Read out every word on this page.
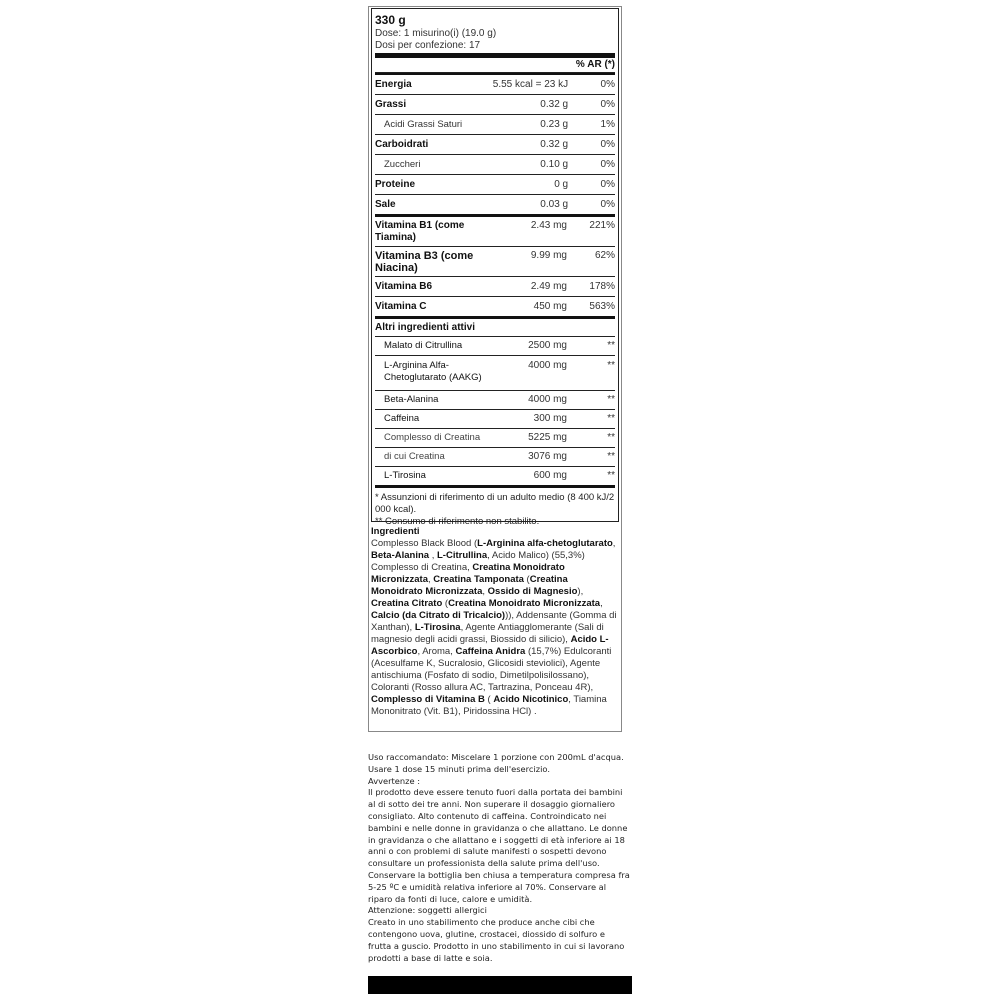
330 g
Dose: 1 misurino(i) (19.0 g)
Dosi per confezione: 17
		% AR (*)
Energia	5.55 kcal = 23 kJ	0%
Grassi	0.32 g	0%
Acidi Grassi Saturi	0.23 g	1%
Carboidrati	0.32 g	0%
Zuccheri	0.10 g	0%
Proteine	0 g	0%
Sale	0.03 g	0%
Vitamina B1 (come Tiamina)	2.43 mg	221%
Vitamina B3 (come Niacina)	9.99 mg	62%
Vitamina B6	2.49 mg	178%
Vitamina C	450 mg	563%
Altri ingredienti attivi
Malato di Citrullina	2500 mg	**
L-Arginina Alfa-Chetoglutarato (AAKG)	4000 mg	**
Beta-Alanina	4000 mg	**
Caffeina	300 mg	**
Complesso di Creatina	5225 mg	**
di cui Creatina	3076 mg	**
L-Tirosina	600 mg	**
* Assunzioni di riferimento di un adulto medio (8 400 kJ/2 000 kcal).
** Consumo di riferimento non stabilito.
Ingredienti
Complesso Black Blood (L-Arginina alfa-chetoglutarato, Beta-Alanina , L-Citrullina, Acido Malico) (55,3%) Complesso di Creatina, Creatina Monoidrato Micronizzata, Creatina Tamponata (Creatina Monoidrato Micronizzata, Ossido di Magnesio), Creatina Citrato (Creatina Monoidrato Micronizzata, Calcio (da Citrato di Tricalcio))), Addensante (Gomma di Xanthan), L-Tirosina, Agente Antiagglomerante (Sali di magnesio degli acidi grassi, Biossido di silicio), Acido L-Ascorbico, Aroma, Caffeina Anidra (15,7%) Edulcoranti (Acesulfame K, Sucralosio, Glicosidi steviolici), Agente antischiuma (Fosfato di sodio, Dimetilpolisilossano), Coloranti (Rosso allura AC, Tartrazina, Ponceau 4R), Complesso di Vitamina B ( Acido Nicotinico, Tiamina Mononitrato (Vit. B1), Piridossina HCl) .
Uso raccomandato: Miscelare 1 porzione con 200mL d'acqua. Usare 1 dose 15 minuti prima dell'esercizio.
Avvertenze :
Il prodotto deve essere tenuto fuori dalla portata dei bambini al di sotto dei tre anni. Non superare il dosaggio giornaliero consigliato. Alto contenuto di caffeina. Controindicato nei bambini e nelle donne in gravidanza o che allattano. Le donne in gravidanza o che allattano e i soggetti di età inferiore ai 18 anni o con problemi di salute manifesti o sospetti devono consultare un professionista della salute prima dell'uso. Conservare la bottiglia ben chiusa a temperatura compresa fra 5-25 ºC e umidità relativa inferiore al 70%. Conservare al riparo da fonti di luce, calore e umidità.
Attenzione: soggetti allergici
Creato in uno stabilimento che produce anche cibi che contengono uova, glutine, crostacei, diossido di solfuro e frutta a guscio. Prodotto in uno stabilimento in cui si lavorano prodotti a base di latte e soia.
